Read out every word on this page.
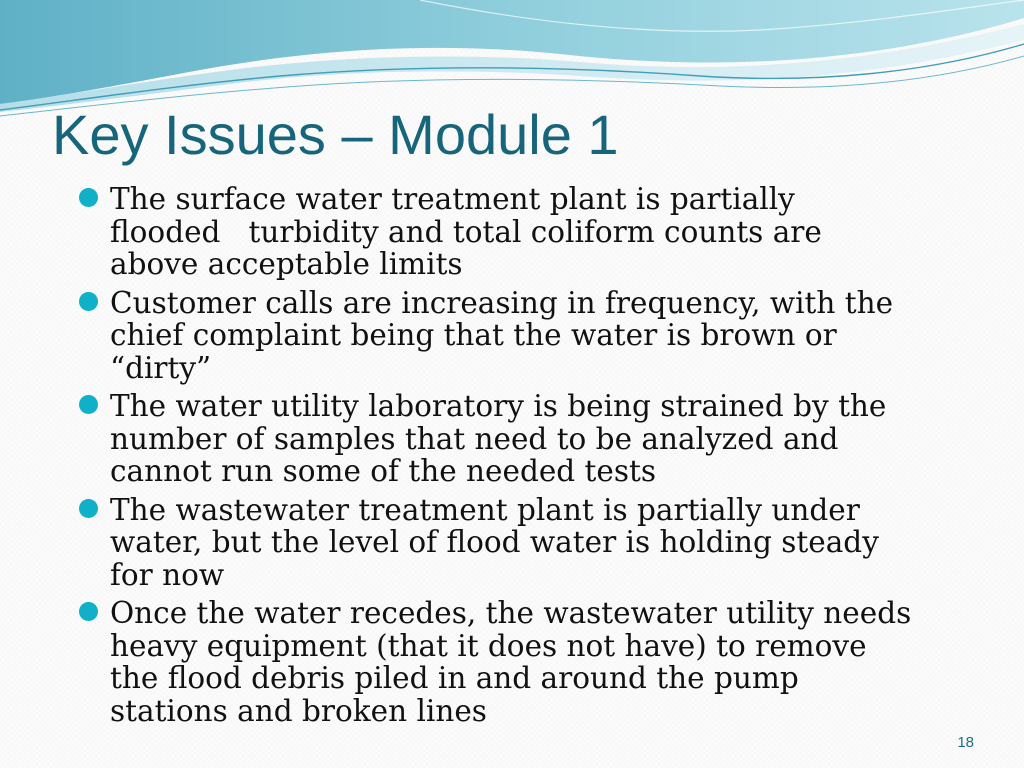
Key Issues – Module 1
The surface water treatment plant is partially
flooded   turbidity and total coliform counts are
above acceptable limits
Customer calls are increasing in frequency, with the
chief complaint being that the water is brown or
“dirty”
The water utility laboratory is being strained by the
number of samples that need to be analyzed and
cannot run some of the needed tests
The wastewater treatment plant is partially under
water, but the level of flood water is holding steady
for now
Once the water recedes, the wastewater utility needs
heavy equipment (that it does not have) to remove
the flood debris piled in and around the pump
stations and broken lines
18
